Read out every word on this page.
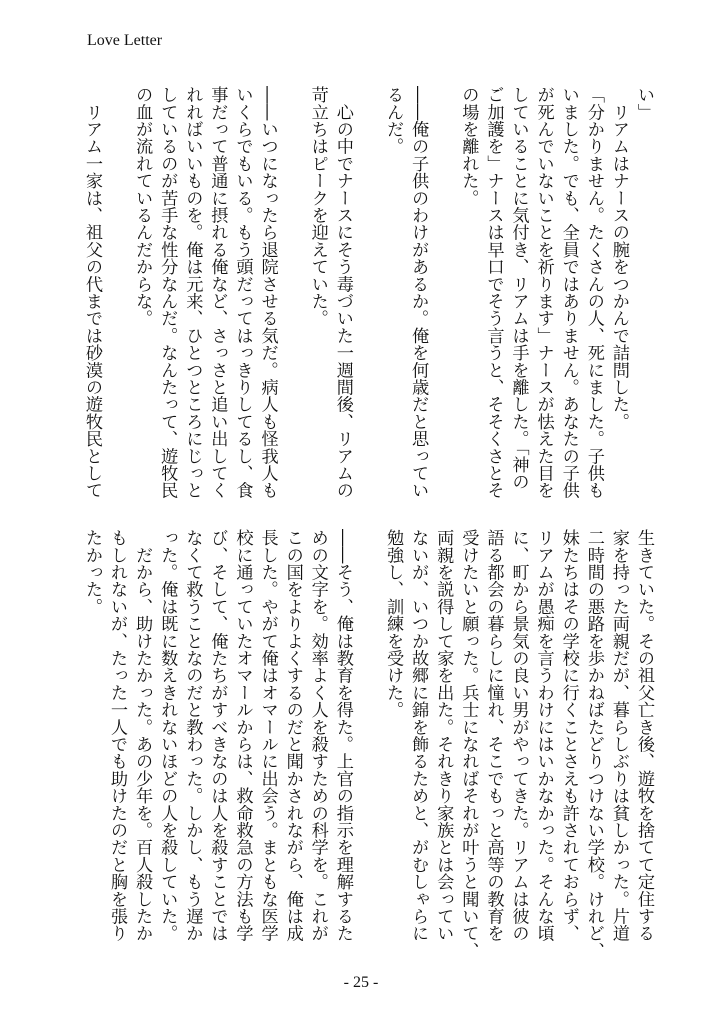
Love Letter
い」
　リアムはナースの腕をつかんで詰問した。
「分かりません。たくさんの人、死にました。子供も
いました。でも、全員ではありません。あなたの子供
が死んでいないことを祈ります」ナースが怯えた目を
していることに気付き、リアムは手を離した。「神の
ご加護を」ナースは早口でそう言うと、そそくさとそ
の場を離れた。
――俺の子供のわけがあるか。俺を何歳だと思ってい
るんだ。
　心の中でナースにそう毒づいた一週間後、リアムの
苛立ちはピークを迎えていた。
――いつになったら退院させる気だ。病人も怪我人も
いくらでもいる。もう頭だってはっきりしてるし、食
事だって普通に摂れる俺など、さっさと追い出してく
れればいいものを。俺は元来、ひとつところにじっと
しているのが苦手な性分なんだ。なんたって、遊牧民
の血が流れているんだからな。
　リアム一家は、祖父の代までは砂漠の遊牧民として
生きていた。その祖父亡き後、遊牧を捨てて定住する
家を持った両親だが、暮らしぶりは貧しかった。片道
二時間の悪路を歩かねばたどりつけない学校。けれど、
妹たちはその学校に行くことさえも許されておらず、
リアムが愚痴を言うわけにはいかなかった。そんな頃
に、町から景気の良い男がやってきた。リアムは彼の
語る都会の暮らしに憧れ、そこでもっと高等の教育を
受けたいと願った。兵士になればそれが叶うと聞いて、
両親を説得して家を出た。それきり家族とは会ってい
ないが、いつか故郷に錦を飾るためと、がむしゃらに
勉強し、訓練を受けた。
――そう、俺は教育を得た。上官の指示を理解するた
めの文字を。効率よく人を殺すための科学を。これが
この国をよりよくするのだと聞かされながら、俺は成
長した。やがて俺はオマールに出会う。まともな医学
校に通っていたオマールからは、救命救急の方法も学
び、そして、俺たちがすべきなのは人を殺すことでは
なくて救うことなのだと教わった。しかし、もう遅か
った。俺は既に数えきれないほどの人を殺していた。
　だから、助けたかった。あの少年を。百人殺したか
もしれないが、たった一人でも助けたのだと胸を張り
たかった。
- 25 -
